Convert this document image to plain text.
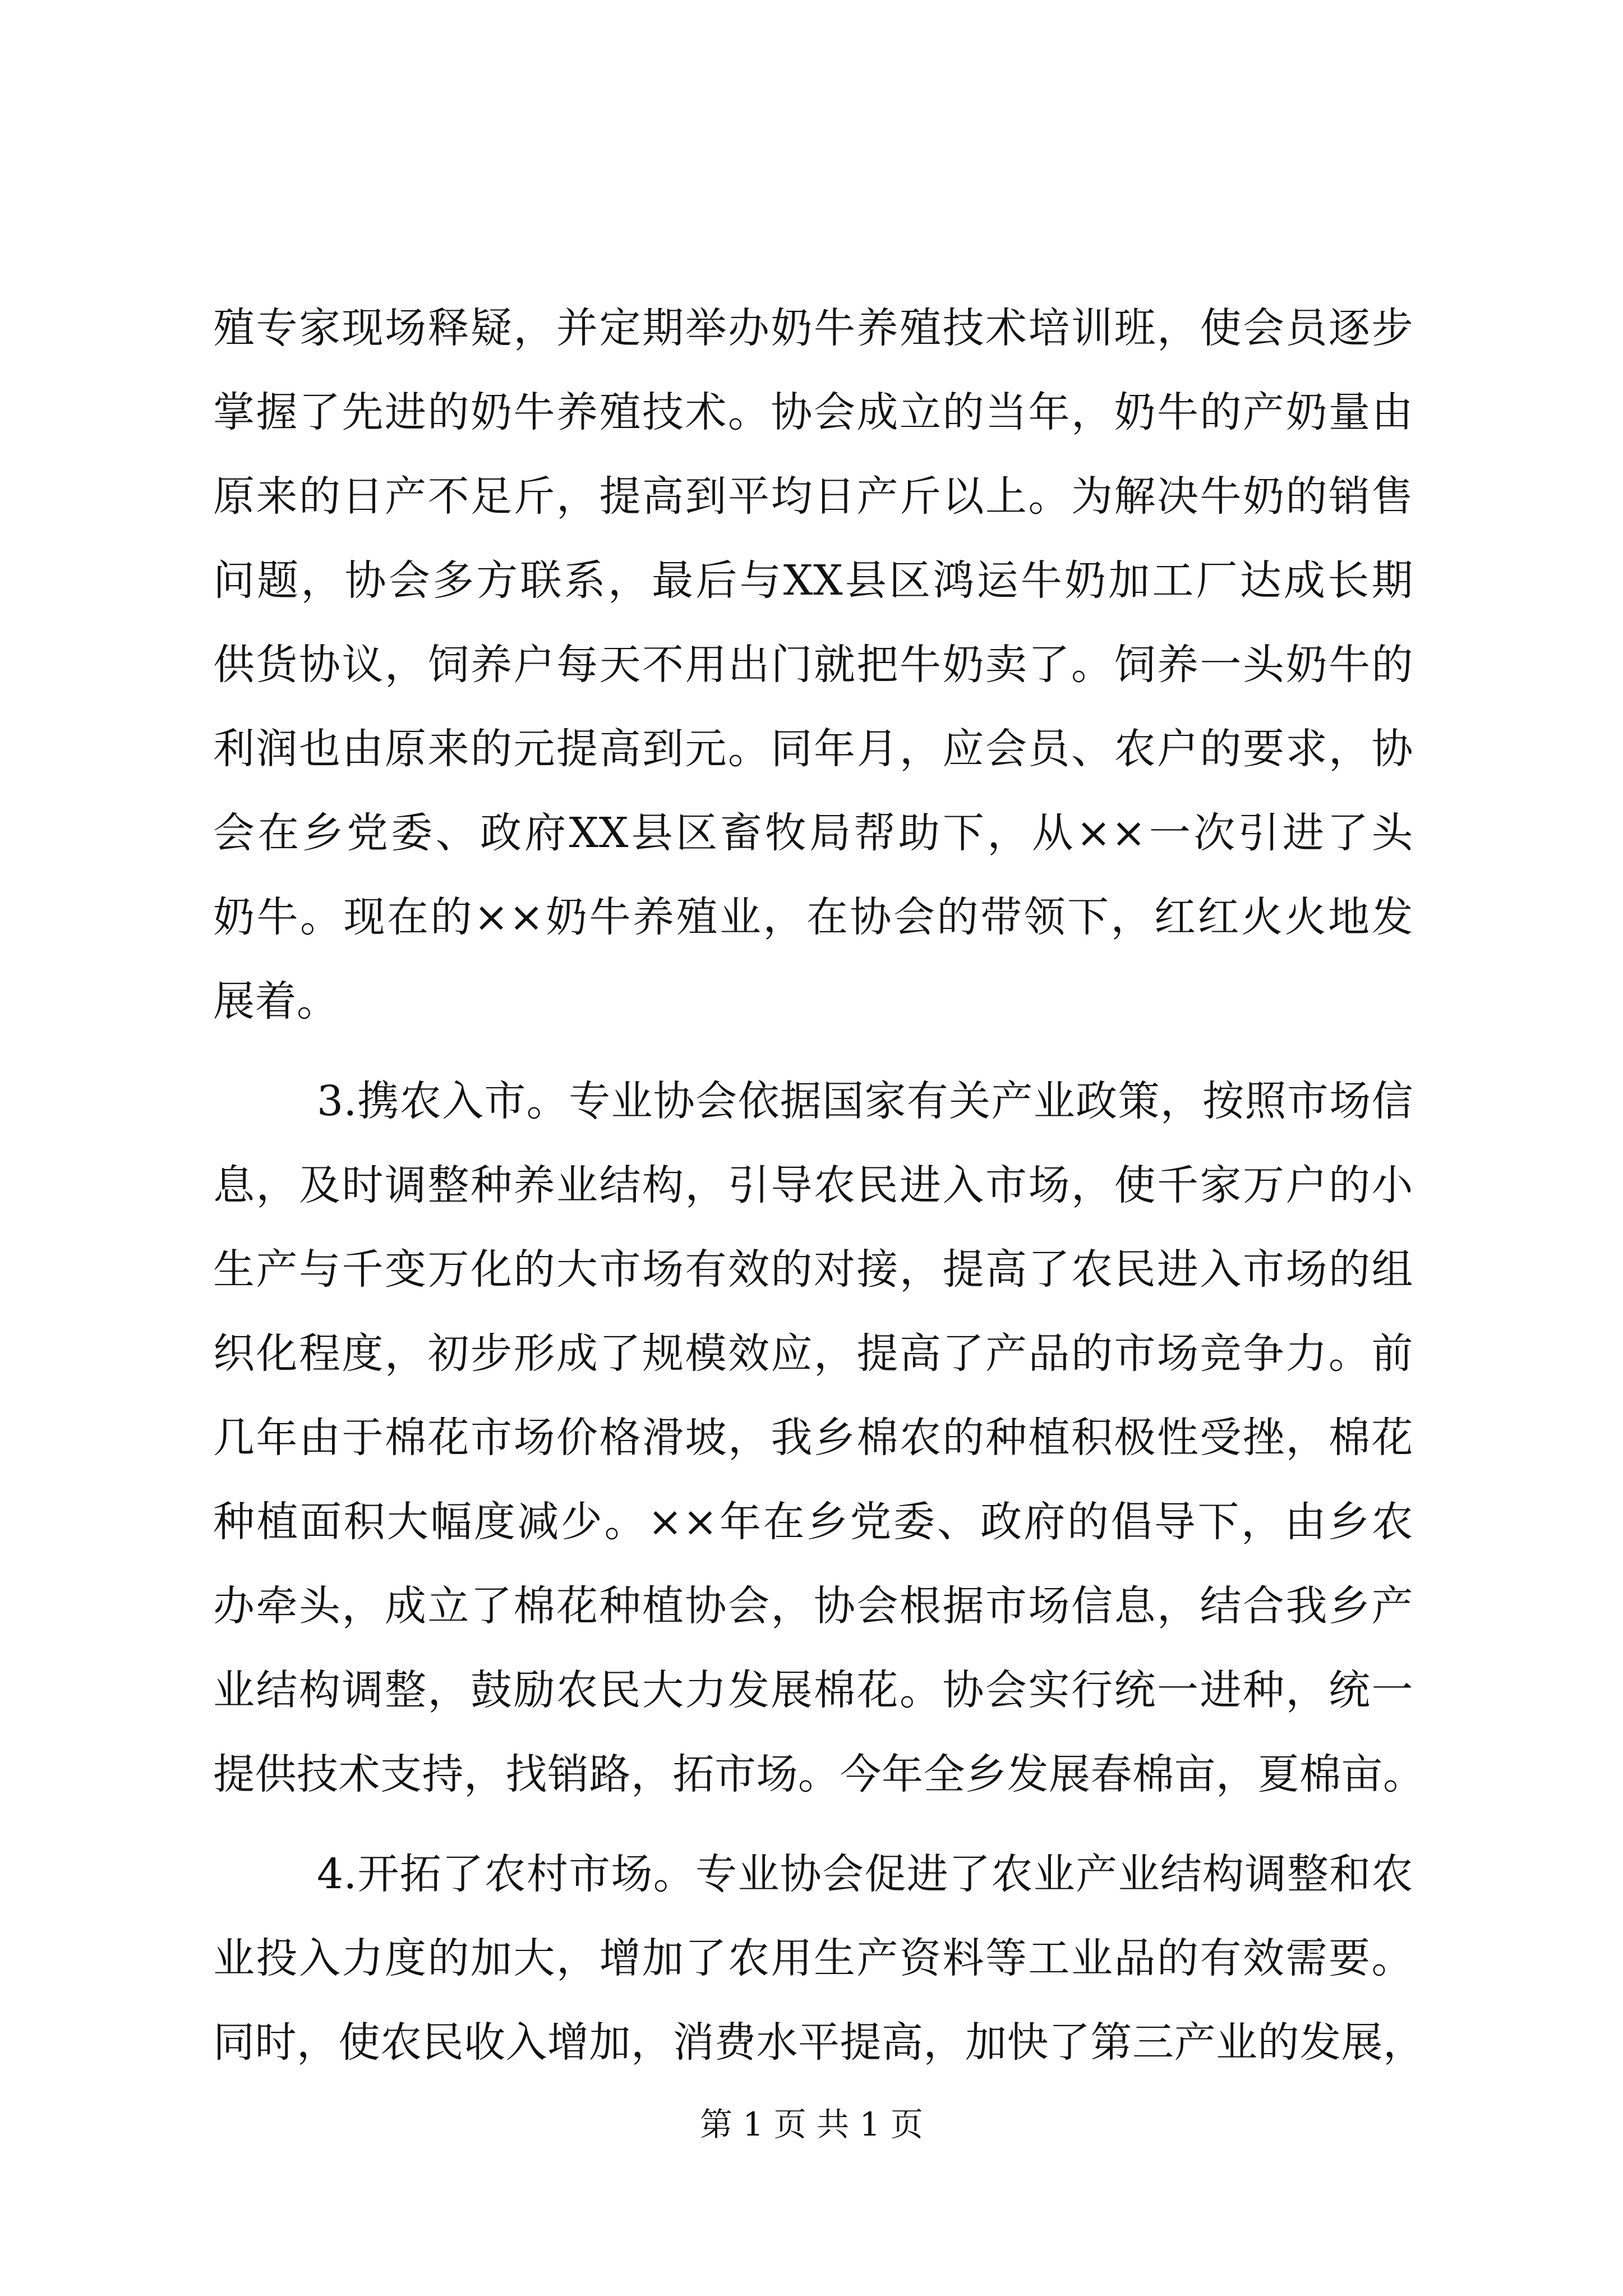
殖专家现场释疑，并定期举办奶牛养殖技术培训班，使会员逐步
掌握了先进的奶牛养殖技术。协会成立的当年，奶牛的产奶量由
原来的日产不足斤，提高到平均日产斤以上。为解决牛奶的销售
问题，协会多方联系，最后与XX县区鸿运牛奶加工厂达成长期
供货协议，饲养户每天不用出门就把牛奶卖了。饲养一头奶牛的
利润也由原来的元提高到元。同年月，应会员、农户的要求，协
会在乡党委、政府XX县区畜牧局帮助下，从××一次引进了头
奶牛。现在的××奶牛养殖业，在协会的带领下，红红火火地发
展着。
3.携农入市。专业协会依据国家有关产业政策，按照市场信
息，及时调整种养业结构，引导农民进入市场，使千家万户的小
生产与千变万化的大市场有效的对接，提高了农民进入市场的组
织化程度，初步形成了规模效应，提高了产品的市场竞争力。前
几年由于棉花市场价格滑坡，我乡棉农的种植积极性受挫，棉花
种植面积大幅度减少。××年在乡党委、政府的倡导下，由乡农
办牵头，成立了棉花种植协会，协会根据市场信息，结合我乡产
业结构调整，鼓励农民大力发展棉花。协会实行统一进种，统一
提供技术支持，找销路，拓市场。今年全乡发展春棉亩，夏棉亩。
4.开拓了农村市场。专业协会促进了农业产业结构调整和农
业投入力度的加大，增加了农用生产资料等工业品的有效需要。
同时，使农民收入增加，消费水平提高，加快了第三产业的发展，
第 1 页 共 1 页
